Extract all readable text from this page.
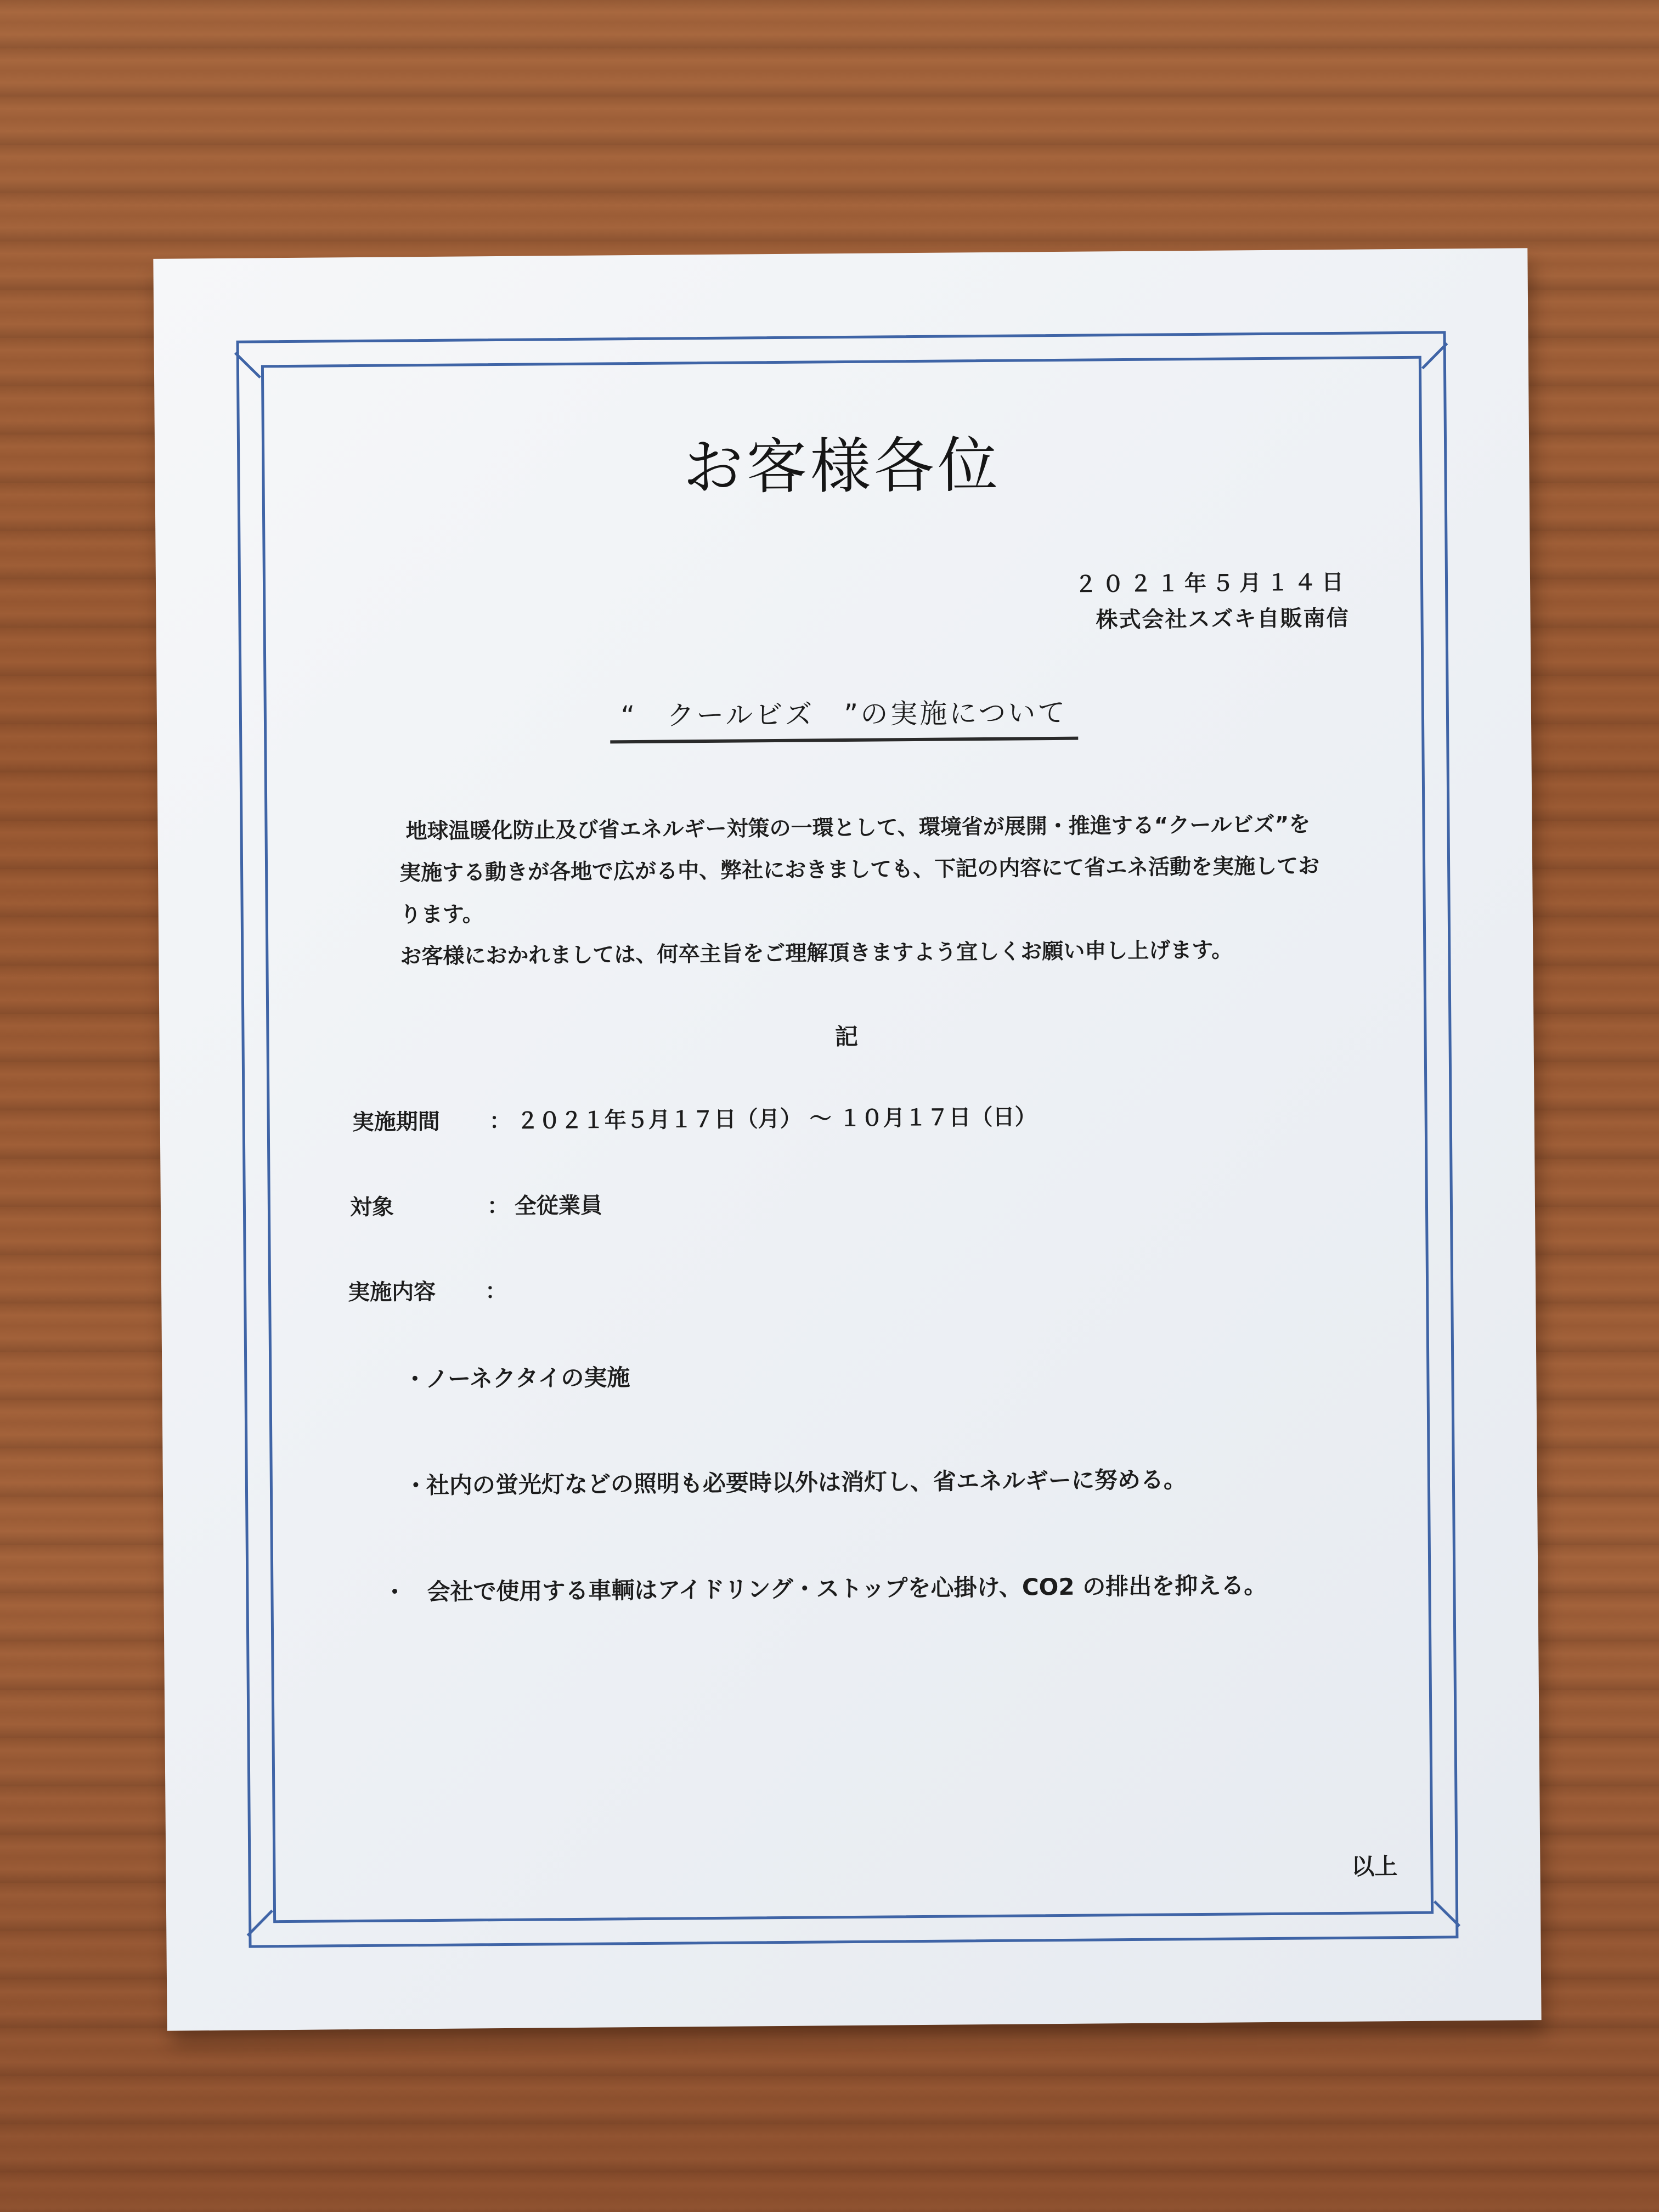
お客様各位
２０２１年５月１４日
株式会社スズキ自販南信
“　クールビズ　”の実施について

地球温暖化防止及び省エネルギー対策の一環として、環境省が展開・推進する“クールビズ”を実施する動きが各地で広がる中、弊社におきましても、下記の内容にて省エネ活動を実施しております。

お客様におかれましては、何卒主旨をご理解頂きますよう宜しくお願い申し上げます。

記
実施期間 ： ２０２１年５月１７日（月） ～ １０月１７日（日）
対象	： 全従業員
実施内容 ：
・ノーネクタイの実施
・社内の蛍光灯などの照明も必要時以外は消灯し、省エネルギーに努める。
・ 会社で使用する車輌はアイドリング・ストップを心掛け、CO2 の排出を抑える。
以上
